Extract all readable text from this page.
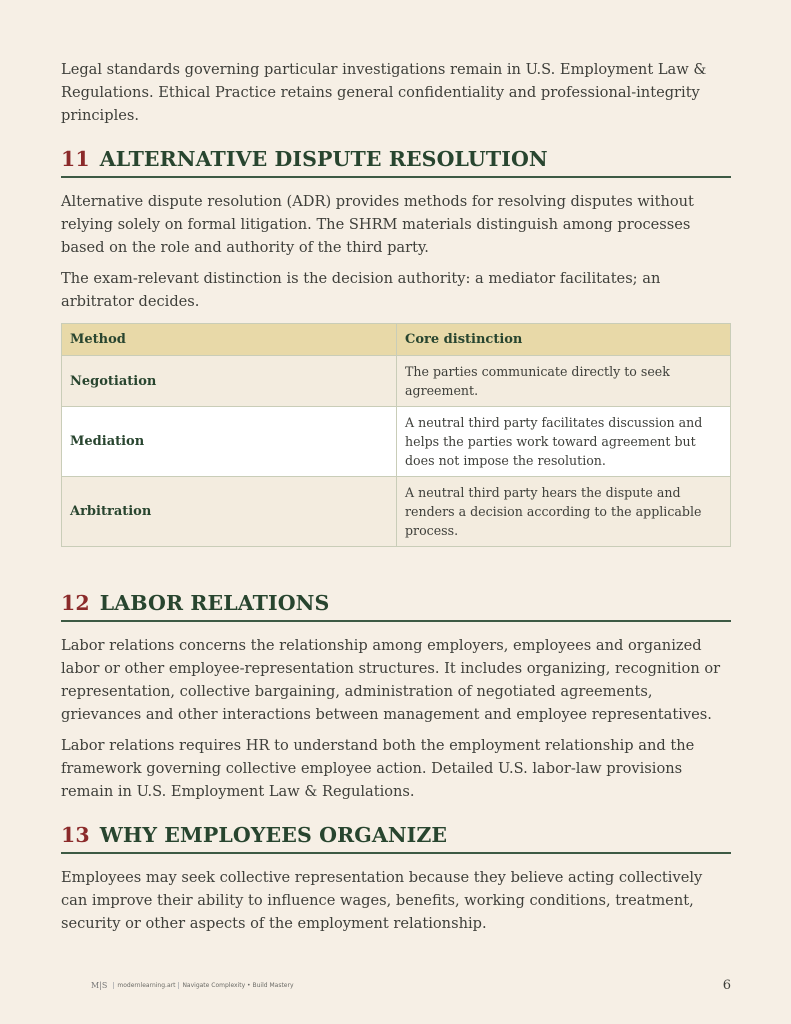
Legal standards governing particular investigations remain in U.S. Employment Law & Regulations. Ethical Practice retains general confidentiality and professional-integrity principles.

11 ALTERNATIVE DISPUTE RESOLUTION

Alternative dispute resolution (ADR) provides methods for resolving disputes without relying solely on formal litigation. The SHRM materials distinguish among processes based on the role and authority of the third party.

The exam-relevant distinction is the decision authority: a mediator facilitates; an arbitrator decides.

Method	Core distinction
Negotiation	The parties communicate directly to seek agreement.
Mediation	A neutral third party facilitates discussion and helps the parties work toward agreement but does not impose the resolution.
Arbitration	A neutral third party hears the dispute and renders a decision according to the applicable process.
12 LABOR RELATIONS

Labor relations concerns the relationship among employers, employees and organized labor or other employee-representation structures. It includes organizing, recognition or representation, collective bargaining, administration of negotiated agreements, grievances and other interactions between management and employee representatives.

Labor relations requires HR to understand both the employment relationship and the framework governing collective employee action. Detailed U.S. labor-law provisions remain in U.S. Employment Law & Regulations.

13 WHY EMPLOYEES ORGANIZE

Employees may seek collective representation because they believe acting collectively can improve their ability to influence wages, benefits, working conditions, treatment, security or other aspects of the employment relationship.

M|S modernlearning.art Navigate Complexity • Build Mastery	6
